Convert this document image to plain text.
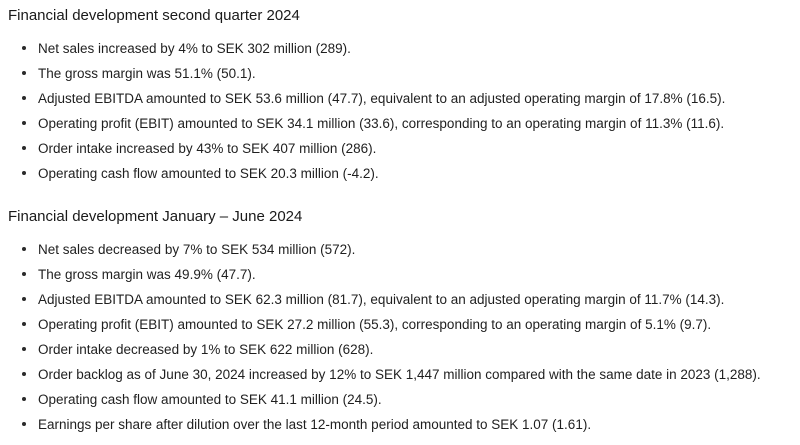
Financial development second quarter 2024
Net sales increased by 4% to SEK 302 million (289).
The gross margin was 51.1% (50.1).
Adjusted EBITDA amounted to SEK 53.6 million (47.7), equivalent to an adjusted operating margin of 17.8% (16.5).
Operating profit (EBIT) amounted to SEK 34.1 million (33.6), corresponding to an operating margin of 11.3% (11.6).
Order intake increased by 43% to SEK 407 million (286).
Operating cash flow amounted to SEK 20.3 million (-4.2).
Financial development January – June 2024
Net sales decreased by 7% to SEK 534 million (572).
The gross margin was 49.9% (47.7).
Adjusted EBITDA amounted to SEK 62.3 million (81.7), equivalent to an adjusted operating margin of 11.7% (14.3).
Operating profit (EBIT) amounted to SEK 27.2 million (55.3), corresponding to an operating margin of 5.1% (9.7).
Order intake decreased by 1% to SEK 622 million (628).
Order backlog as of June 30, 2024 increased by 12% to SEK 1,447 million compared with the same date in 2023 (1,288).
Operating cash flow amounted to SEK 41.1 million (24.5).
Earnings per share after dilution over the last 12-month period amounted to SEK 1.07 (1.61).
